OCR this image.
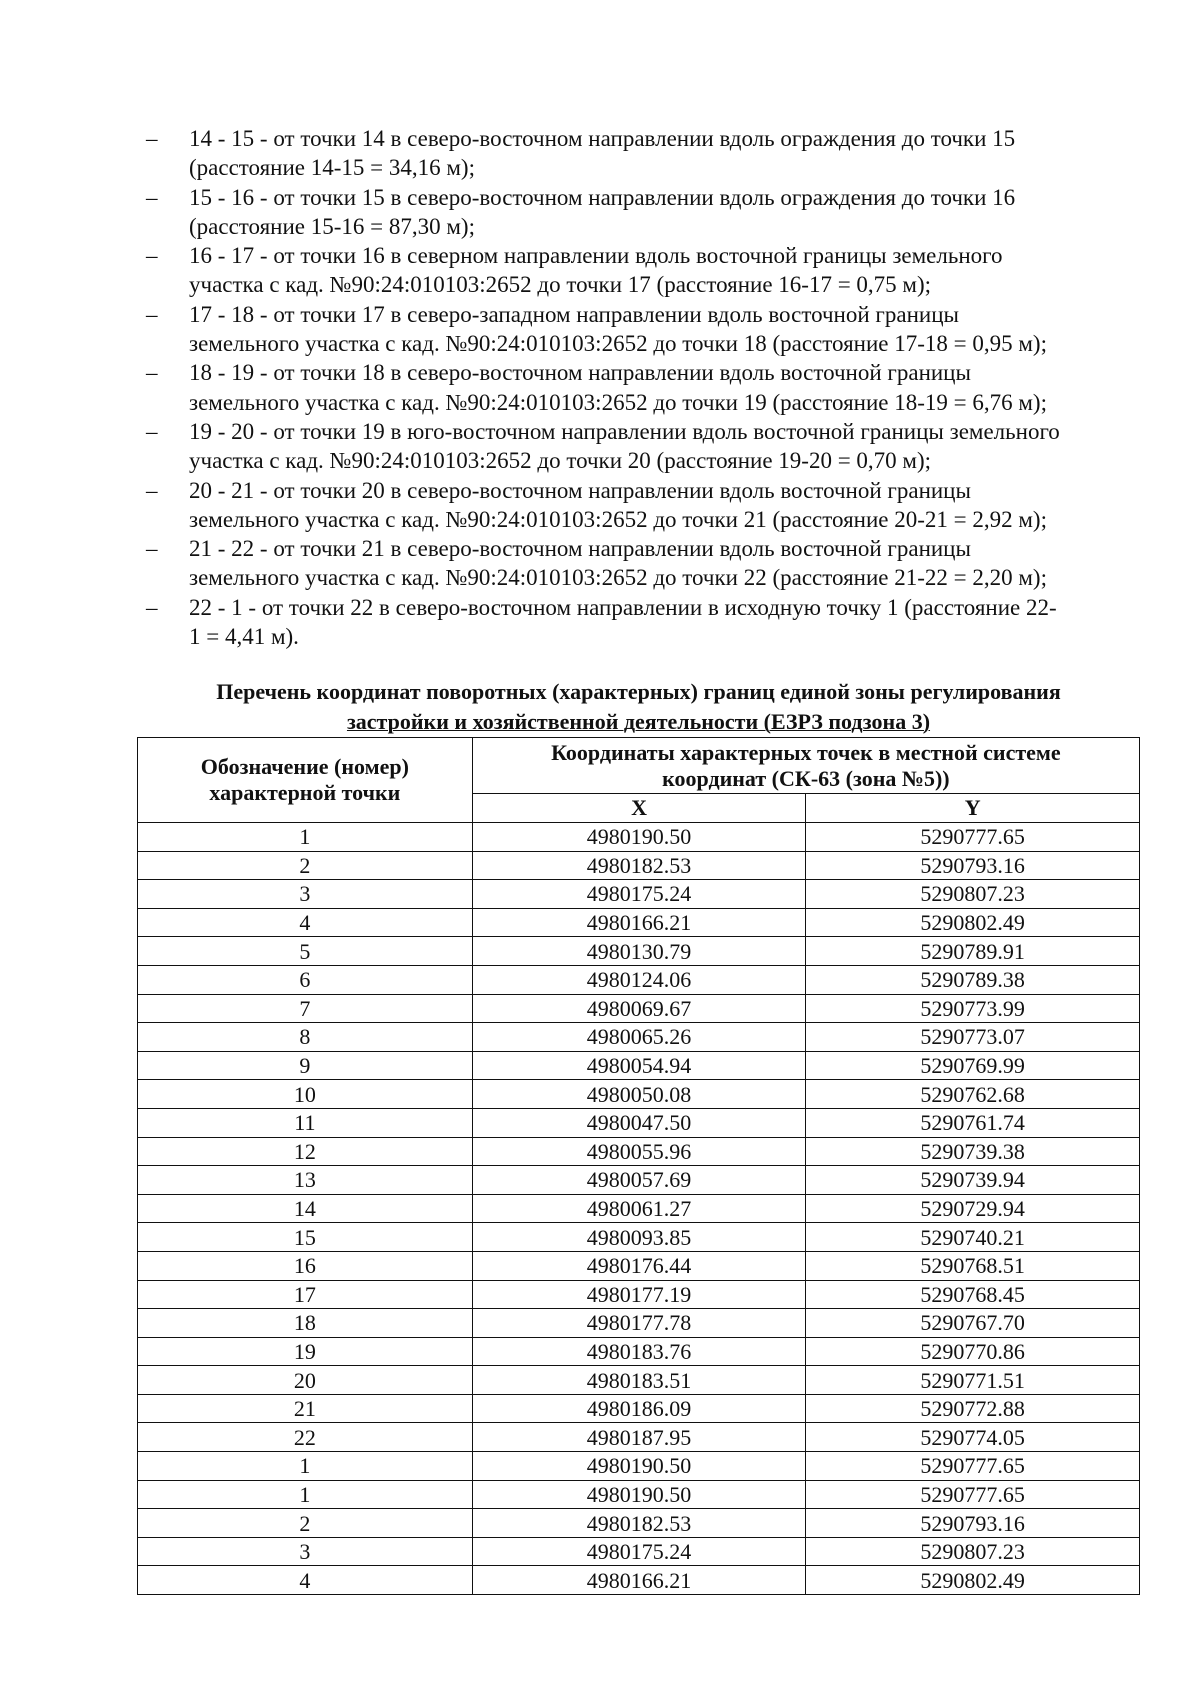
–	14 - 15 - от точки 14 в северо-восточном направлении вдоль ограждения до точки 15
(расстояние 14-15 = 34,16 м);
–	15 - 16 - от точки 15 в северо-восточном направлении вдоль ограждения до точки 16
(расстояние 15-16 = 87,30 м);
–	16 - 17 - от точки 16 в северном направлении вдоль восточной границы земельного
участка с кад. №90:24:010103:2652 до точки 17 (расстояние 16-17 = 0,75 м);
–	17 - 18 - от точки 17 в северо-западном направлении вдоль восточной границы
земельного участка с кад. №90:24:010103:2652 до точки 18 (расстояние 17-18 = 0,95 м);
–	18 - 19 - от точки 18 в северо-восточном направлении вдоль восточной границы
земельного участка с кад. №90:24:010103:2652 до точки 19 (расстояние 18-19 = 6,76 м);
–	19 - 20 - от точки 19 в юго-восточном направлении вдоль восточной границы земельного
участка с кад. №90:24:010103:2652 до точки 20 (расстояние 19-20 = 0,70 м);
–	20 - 21 - от точки 20 в северо-восточном направлении вдоль восточной границы
земельного участка с кад. №90:24:010103:2652 до точки 21 (расстояние 20-21 = 2,92 м);
–	21 - 22 - от точки 21 в северо-восточном направлении вдоль восточной границы
земельного участка с кад. №90:24:010103:2652 до точки 22 (расстояние 21-22 = 2,20 м);
–	22 - 1 - от точки 22 в северо-восточном направлении в исходную точку 1 (расстояние 22-
1 = 4,41 м).
Перечень координат поворотных (характерных) границ единой зоны регулирования
застройки и хозяйственной деятельности (ЕЗРЗ подзона 3)
Обозначение (номер) характерной точки	Координаты характерных точек в местной системе координат (СК-63 (зона №5))	
	X	Y
1	4980190.50	5290777.65
2	4980182.53	5290793.16
3	4980175.24	5290807.23
4	4980166.21	5290802.49
5	4980130.79	5290789.91
6	4980124.06	5290789.38
7	4980069.67	5290773.99
8	4980065.26	5290773.07
9	4980054.94	5290769.99
10	4980050.08	5290762.68
11	4980047.50	5290761.74
12	4980055.96	5290739.38
13	4980057.69	5290739.94
14	4980061.27	5290729.94
15	4980093.85	5290740.21
16	4980176.44	5290768.51
17	4980177.19	5290768.45
18	4980177.78	5290767.70
19	4980183.76	5290770.86
20	4980183.51	5290771.51
21	4980186.09	5290772.88
22	4980187.95	5290774.05
1	4980190.50	5290777.65
1	4980190.50	5290777.65
2	4980182.53	5290793.16
3	4980175.24	5290807.23
4	4980166.21	5290802.49
